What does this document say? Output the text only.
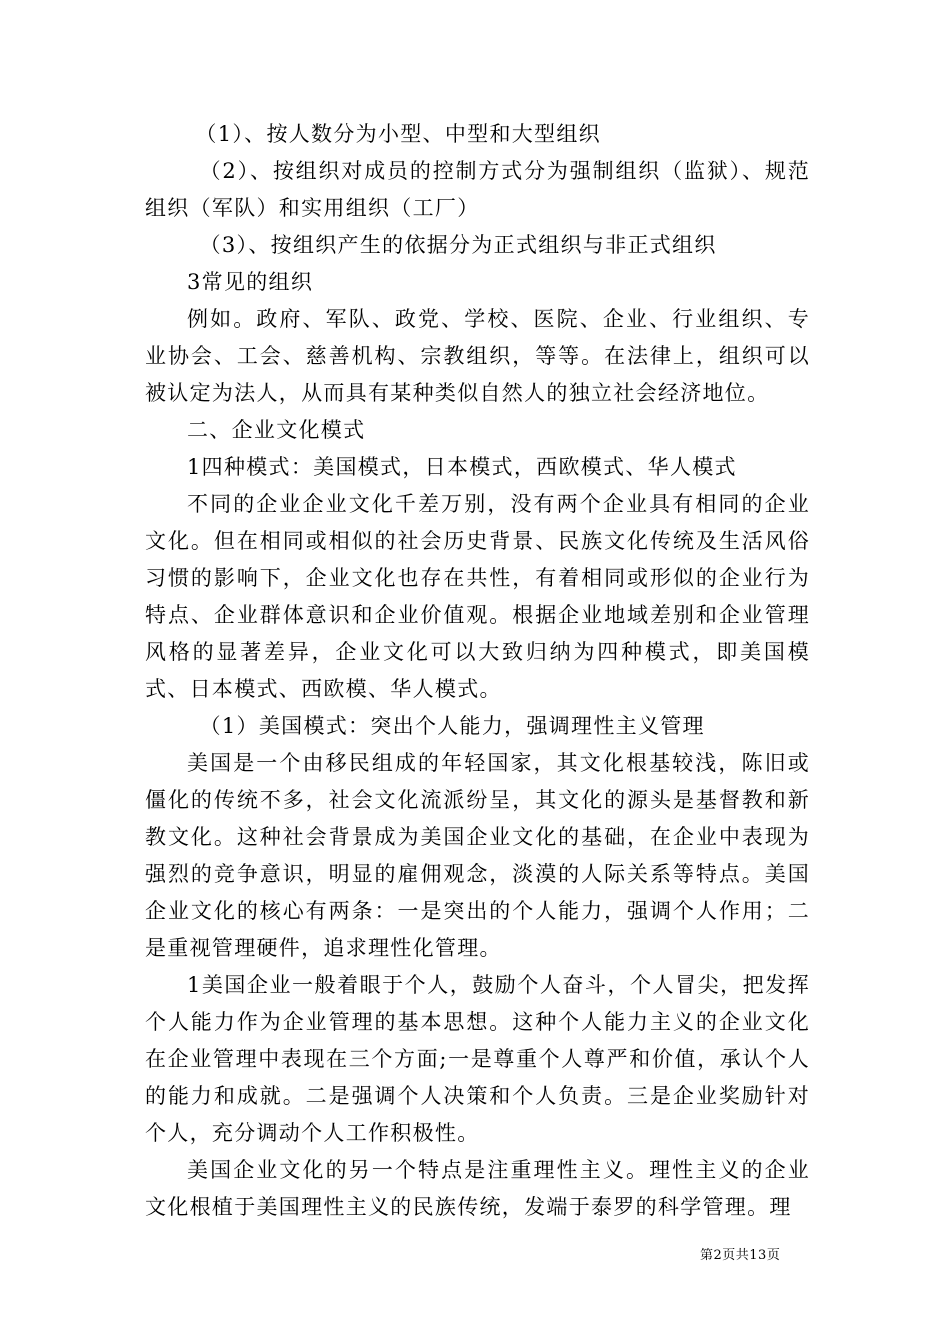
（1）、按人数分为小型、中型和大型组织

（2）、按组织对成员的控制方式分为强制组织（监狱）、规范组织（军队）和实用组织（工厂）

（3）、按组织产生的依据分为正式组织与非正式组织

3常见的组织

例如。政府、军队、政党、学校、医院、企业、行业组织、专业协会、工会、慈善机构、宗教组织，等等。在法律上，组织可以被认定为法人，从而具有某种类似自然人的独立社会经济地位。

二、企业文化模式

1四种模式：美国模式，日本模式，西欧模式、华人模式

不同的企业企业文化千差万别，没有两个企业具有相同的企业文化。但在相同或相似的社会历史背景、民族文化传统及生活风俗习惯的影响下，企业文化也存在共性，有着相同或形似的企业行为特点、企业群体意识和企业价值观。根据企业地域差别和企业管理风格的显著差异，企业文化可以大致归纳为四种模式，即美国模式、日本模式、西欧模、华人模式。

（1）美国模式：突出个人能力，强调理性主义管理

美国是一个由移民组成的年轻国家，其文化根基较浅，陈旧或僵化的传统不多，社会文化流派纷呈，其文化的源头是基督教和新教文化。这种社会背景成为美国企业文化的基础，在企业中表现为强烈的竞争意识，明显的雇佣观念，淡漠的人际关系等特点。美国企业文化的核心有两条：一是突出的个人能力，强调个人作用；二是重视管理硬件，追求理性化管理。

1美国企业一般着眼于个人，鼓励个人奋斗，个人冒尖，把发挥个人能力作为企业管理的基本思想。这种个人能力主义的企业文化在企业管理中表现在三个方面;一是尊重个人尊严和价值，承认个人的能力和成就。二是强调个人决策和个人负责。三是企业奖励针对个人，充分调动个人工作积极性。

美国企业文化的另一个特点是注重理性主义。理性主义的企业文化根植于美国理性主义的民族传统，发端于泰罗的科学管理。理

第2页共13页
